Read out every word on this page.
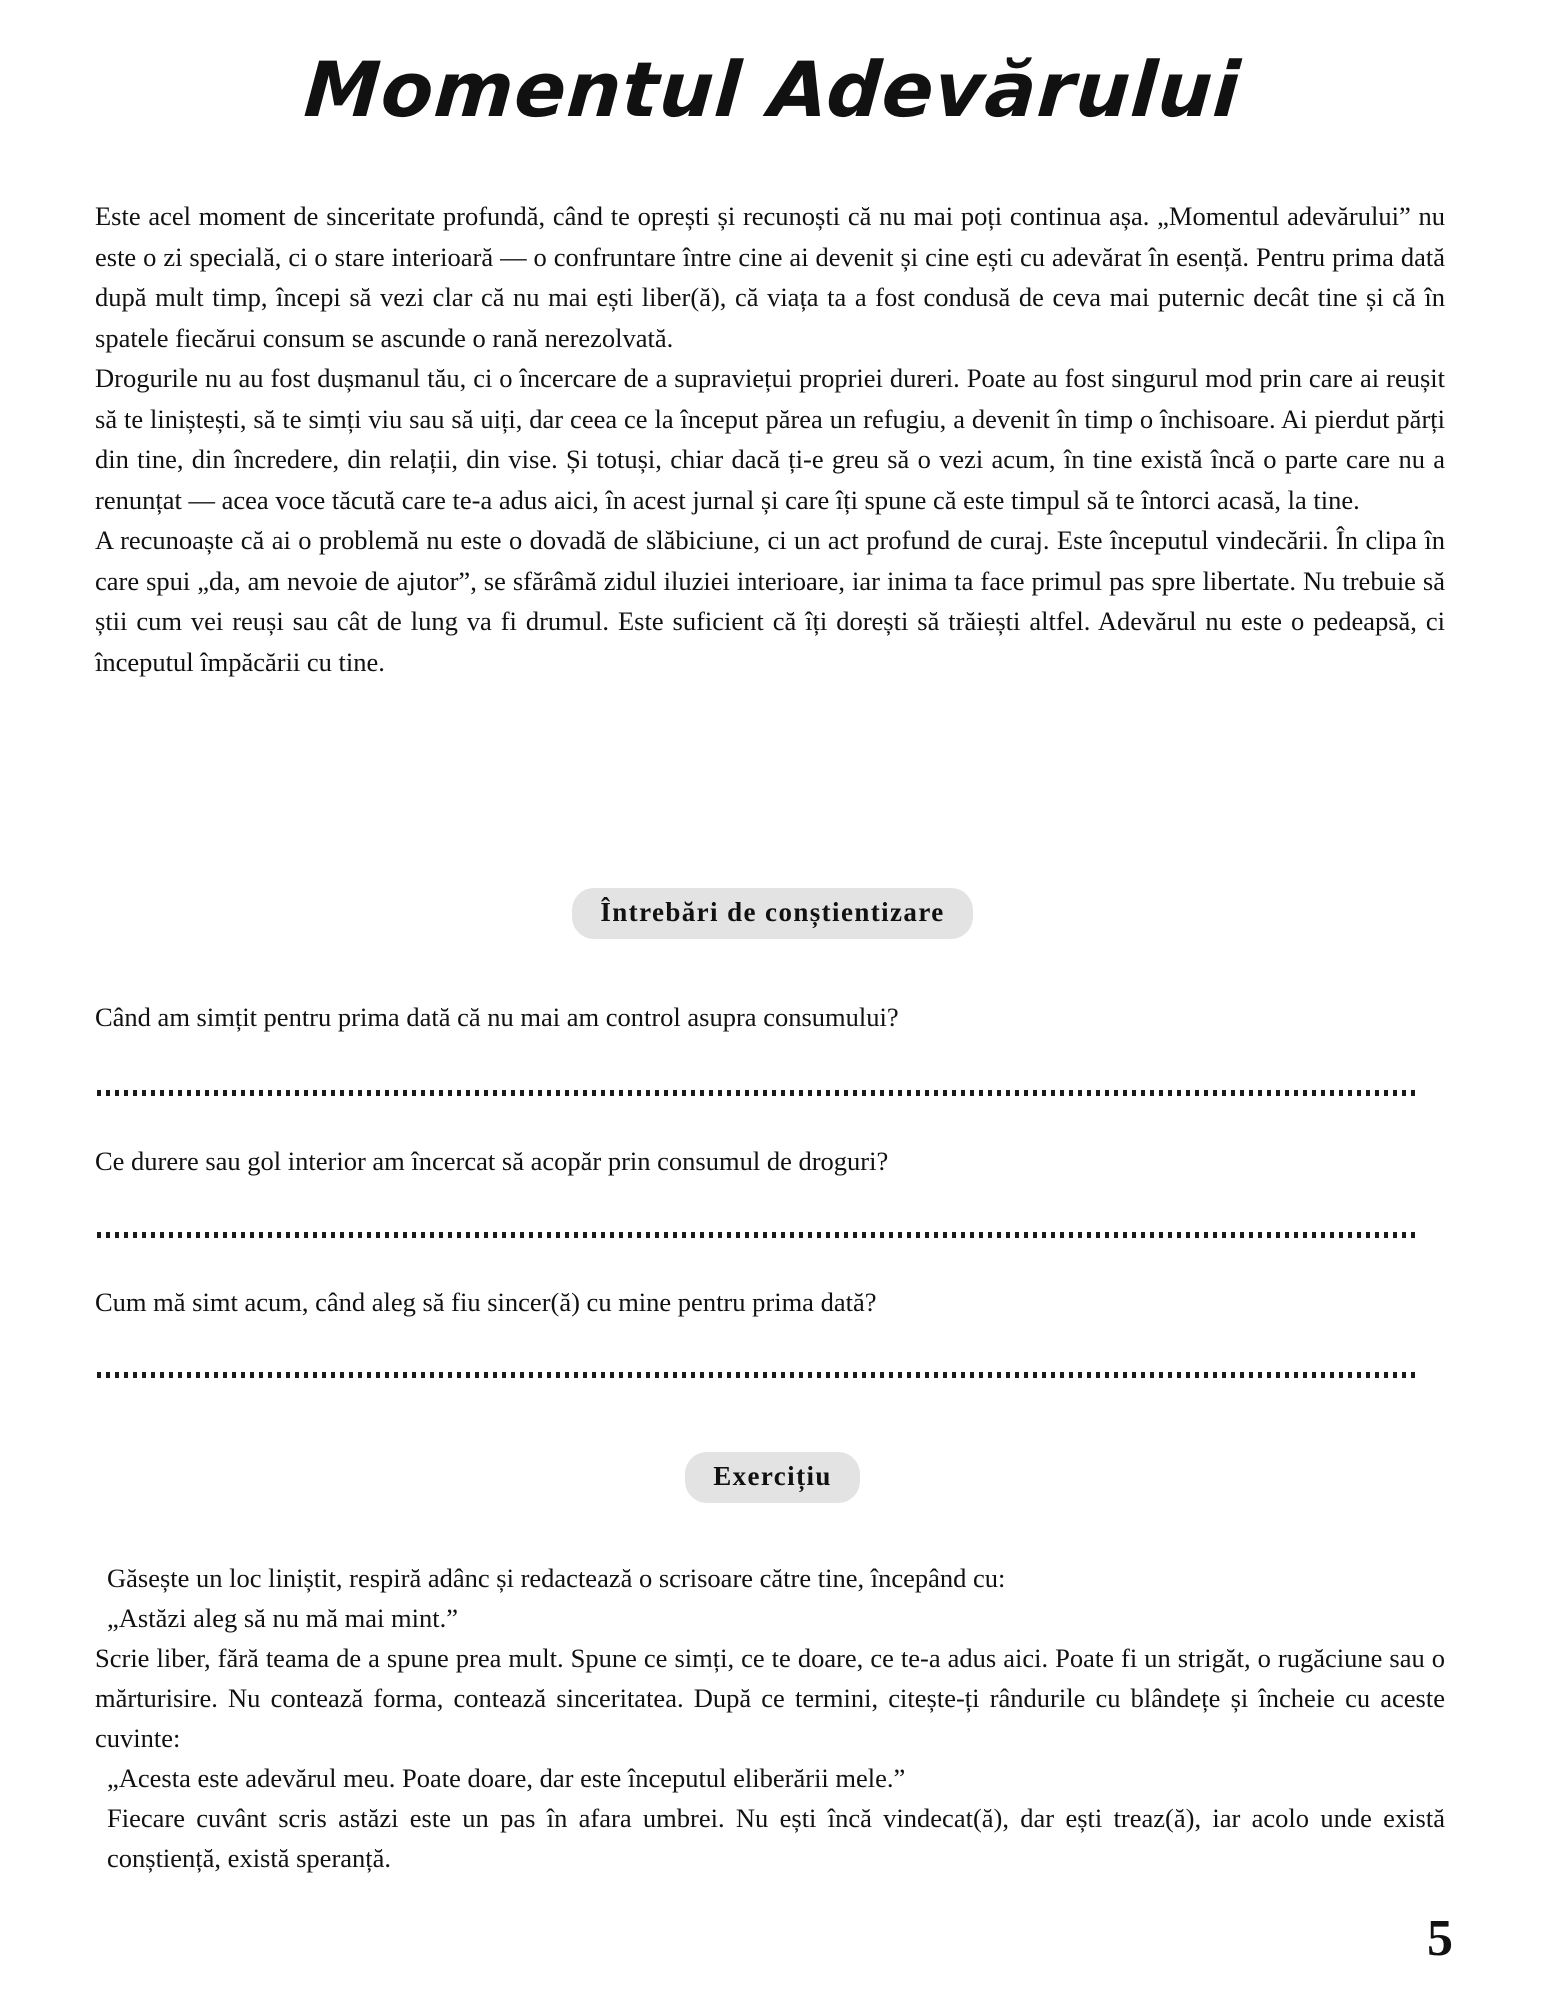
Momentul Adevărului

Este acel moment de sinceritate profundă, când te oprești și recunoști că nu mai poți continua așa. „Momentul adevărului” nu este o zi specială, ci o stare interioară — o confruntare între cine ai devenit și cine ești cu adevărat în esență. Pentru prima dată după mult timp, începi să vezi clar că nu mai ești liber(ă), că viața ta a fost condusă de ceva mai puternic decât tine și că în spatele fiecărui consum se ascunde o rană nerezolvată.

Drogurile nu au fost dușmanul tău, ci o încercare de a supraviețui propriei dureri. Poate au fost singurul mod prin care ai reușit să te liniștești, să te simți viu sau să uiți, dar ceea ce la început părea un refugiu, a devenit în timp o închisoare. Ai pierdut părți din tine, din încredere, din relații, din vise. Și totuși, chiar dacă ți-e greu să o vezi acum, în tine există încă o parte care nu a renunțat — acea voce tăcută care te-a adus aici, în acest jurnal și care îți spune că este timpul să te întorci acasă, la tine.

A recunoaște că ai o problemă nu este o dovadă de slăbiciune, ci un act profund de curaj. Este începutul vindecării. În clipa în care spui „da, am nevoie de ajutor”, se sfărâmă zidul iluziei interioare, iar inima ta face primul pas spre libertate. Nu trebuie să știi cum vei reuși sau cât de lung va fi drumul. Este suficient că îți dorești să trăiești altfel. Adevărul nu este o pedeapsă, ci începutul împăcării cu tine.

Întrebări de conștientizare
Când am simțit pentru prima dată că nu mai am control asupra consumului?
Ce durere sau gol interior am încercat să acopăr prin consumul de droguri?
Cum mă simt acum, când aleg să fiu sincer(ă) cu mine pentru prima dată?
Exercițiu

Găsește un loc liniștit, respiră adânc și redactează o scrisoare către tine, începând cu:

„Astăzi aleg să nu mă mai mint.”

Scrie liber, fără teama de a spune prea mult. Spune ce simți, ce te doare, ce te-a adus aici. Poate fi un strigăt, o rugăciune sau o mărturisire. Nu contează forma, contează sinceritatea. După ce termini, citește-ți rândurile cu blândețe și încheie cu aceste cuvinte:

„Acesta este adevărul meu. Poate doare, dar este începutul eliberării mele.”

Fiecare cuvânt scris astăzi este un pas în afara umbrei. Nu ești încă vindecat(ă), dar ești treaz(ă), iar acolo unde există conștiență, există speranță.

5
